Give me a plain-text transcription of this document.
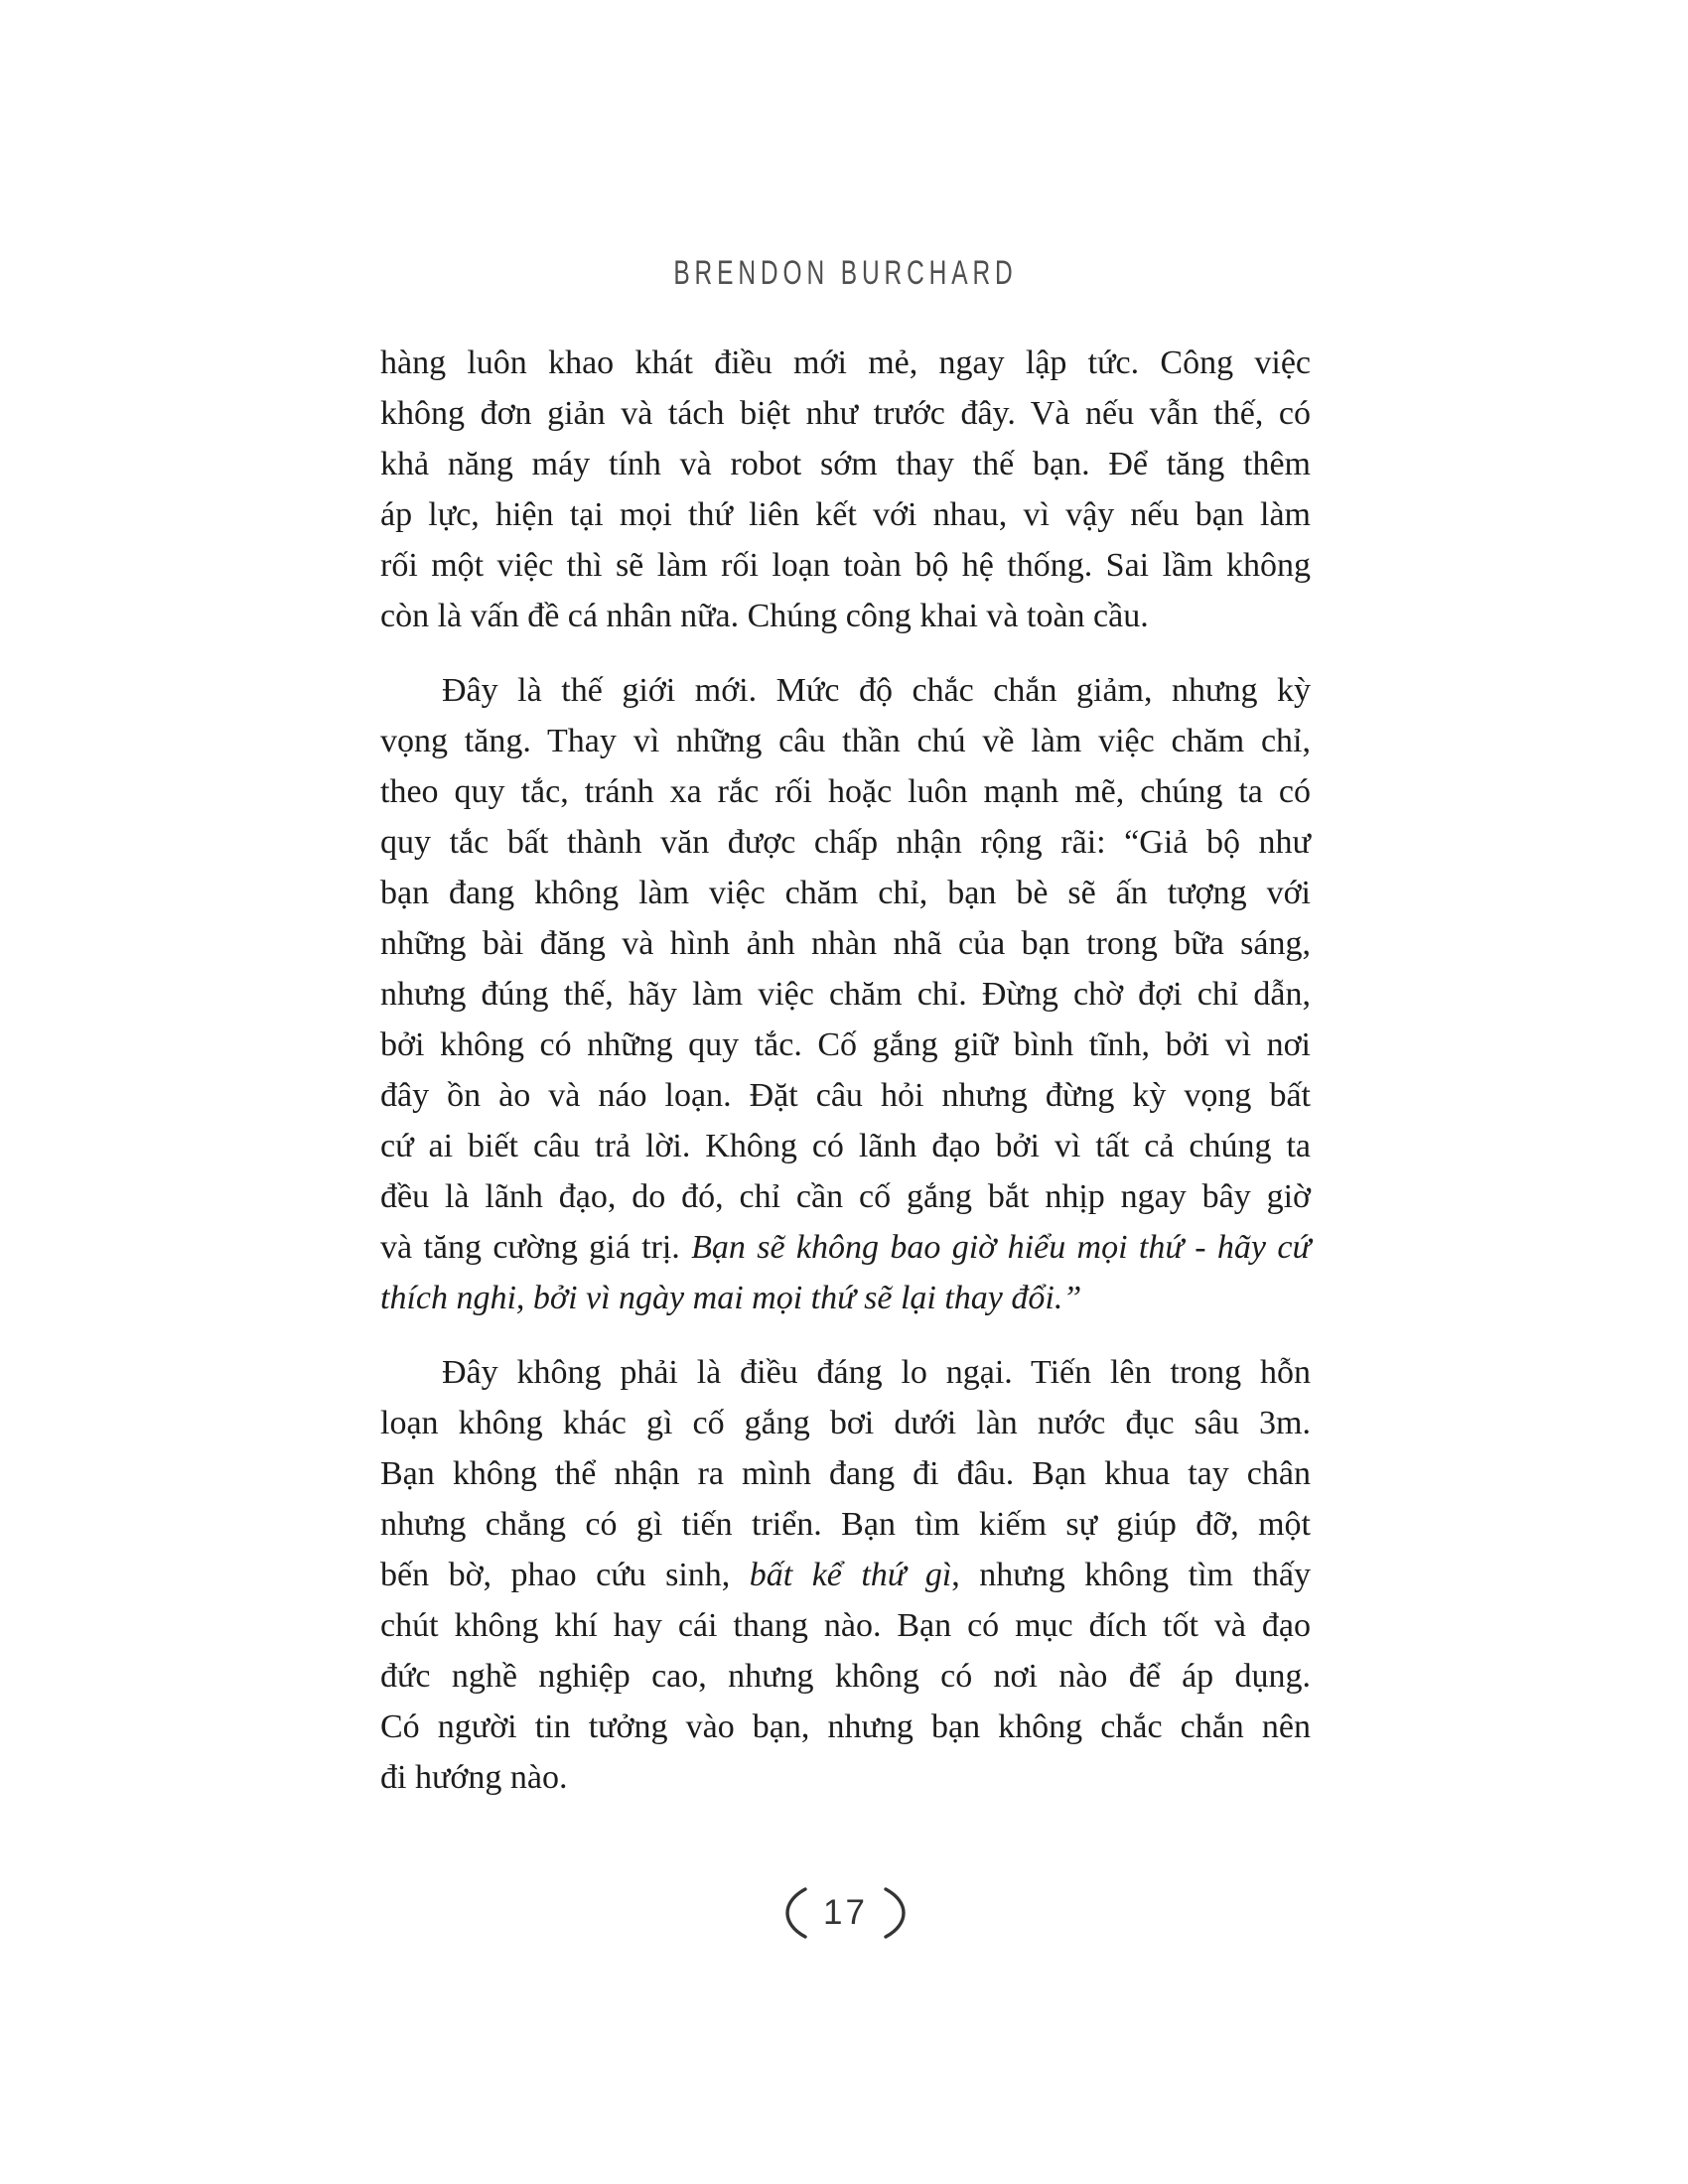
BRENDON BURCHARD
hàng luôn khao khát điều mới mẻ, ngay lập tức. Công việc
không đơn giản và tách biệt như trước đây. Và nếu vẫn thế, có
khả năng máy tính và robot sớm thay thế bạn. Để tăng thêm
áp lực, hiện tại mọi thứ liên kết với nhau, vì vậy nếu bạn làm
rối một việc thì sẽ làm rối loạn toàn bộ hệ thống. Sai lầm không
còn là vấn đề cá nhân nữa. Chúng công khai và toàn cầu.
Đây là thế giới mới. Mức độ chắc chắn giảm, nhưng kỳ
vọng tăng. Thay vì những câu thần chú về làm việc chăm chỉ,
theo quy tắc, tránh xa rắc rối hoặc luôn mạnh mẽ, chúng ta có
quy tắc bất thành văn được chấp nhận rộng rãi: “Giả bộ như
bạn đang không làm việc chăm chỉ, bạn bè sẽ ấn tượng với
những bài đăng và hình ảnh nhàn nhã của bạn trong bữa sáng,
nhưng đúng thế, hãy làm việc chăm chỉ. Đừng chờ đợi chỉ dẫn,
bởi không có những quy tắc. Cố gắng giữ bình tĩnh, bởi vì nơi
đây ồn ào và náo loạn. Đặt câu hỏi nhưng đừng kỳ vọng bất
cứ ai biết câu trả lời. Không có lãnh đạo bởi vì tất cả chúng ta
đều là lãnh đạo, do đó, chỉ cần cố gắng bắt nhịp ngay bây giờ
và tăng cường giá trị. Bạn sẽ không bao giờ hiểu mọi thứ - hãy cứ
thích nghi, bởi vì ngày mai mọi thứ sẽ lại thay đổi.”
Đây không phải là điều đáng lo ngại. Tiến lên trong hỗn
loạn không khác gì cố gắng bơi dưới làn nước đục sâu 3m.
Bạn không thể nhận ra mình đang đi đâu. Bạn khua tay chân
nhưng chẳng có gì tiến triển. Bạn tìm kiếm sự giúp đỡ, một
bến bờ, phao cứu sinh, bất kể thứ gì, nhưng không tìm thấy
chút không khí hay cái thang nào. Bạn có mục đích tốt và đạo
đức nghề nghiệp cao, nhưng không có nơi nào để áp dụng.
Có người tin tưởng vào bạn, nhưng bạn không chắc chắn nên
đi hướng nào.
17
